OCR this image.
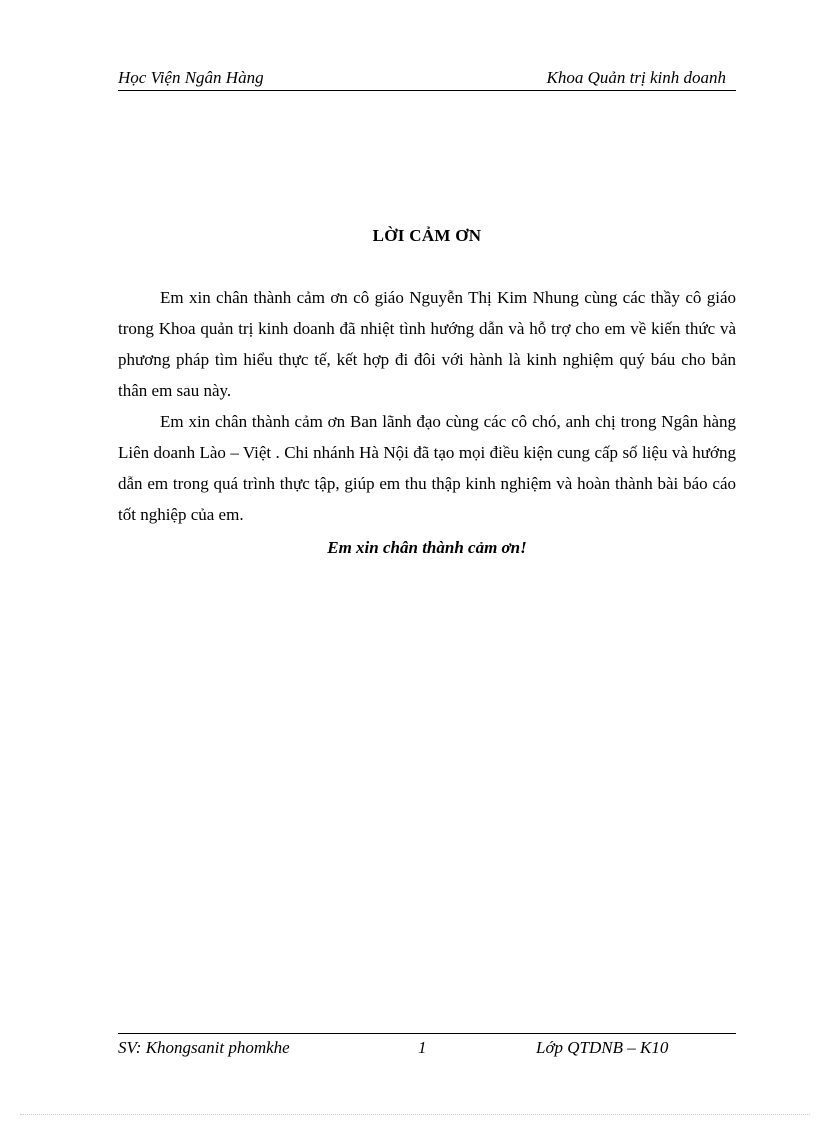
Học Viện Ngân Hàng	Khoa Quản trị kinh doanh
LỜI CẢM ƠN

Em xin chân thành cảm ơn cô giáo Nguyễn Thị Kim Nhung cùng các thầy cô giáo trong Khoa quản trị kinh doanh đã nhiệt tình hướng dẫn và hỗ trợ cho em về kiến thức và phương pháp tìm hiểu thực tế, kết hợp đi đôi với hành là kinh nghiệm quý báu cho bản thân em sau này.

Em xin chân thành cảm ơn Ban lãnh đạo cùng các cô chó, anh chị trong Ngân hàng Liên doanh Lào – Việt . Chi nhánh Hà Nội đã tạo mọi điều kiện cung cấp số liệu và hướng dẫn em trong quá trình thực tập, giúp em thu thập kinh nghiệm và hoàn thành bài báo cáo tốt nghiệp của em.

Em xin chân thành cảm ơn!
SV: Khongsanit phomkhe	1	Lớp QTDNB – K10
